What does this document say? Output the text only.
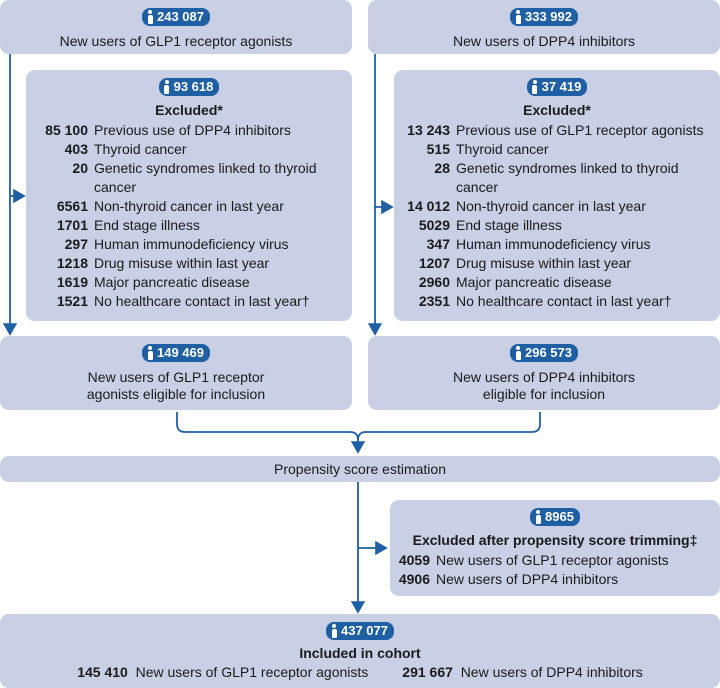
243 087
New users of GLP1 receptor agonists
333 992
New users of DPP4 inhibitors
93 618
Excluded*
85 100 Previous use of DPP4 inhibitors
403 Thyroid cancer
20 Genetic syndromes linked to thyroid cancer
6561 Non-thyroid cancer in last year
1701 End stage illness
297 Human immunodeficiency virus
1218 Drug misuse within last year
1619 Major pancreatic disease
1521 No healthcare contact in last year†
37 419
Excluded*
13 243 Previous use of GLP1 receptor agonists
515 Thyroid cancer
28 Genetic syndromes linked to thyroid cancer
14 012 Non-thyroid cancer in last year
5029 End stage illness
347 Human immunodeficiency virus
1207 Drug misuse within last year
2960 Major pancreatic disease
2351 No healthcare contact in last year†
149 469
New users of GLP1 receptor
agonists eligible for inclusion
296 573
New users of DPP4 inhibitors
eligible for inclusion
Propensity score estimation
8965
Excluded after propensity score trimming‡
4059 New users of GLP1 receptor agonists
4906 New users of DPP4 inhibitors
437 077
Included in cohort
145 410 New users of GLP1 receptor agonists 291 667 New users of DPP4 inhibitors
